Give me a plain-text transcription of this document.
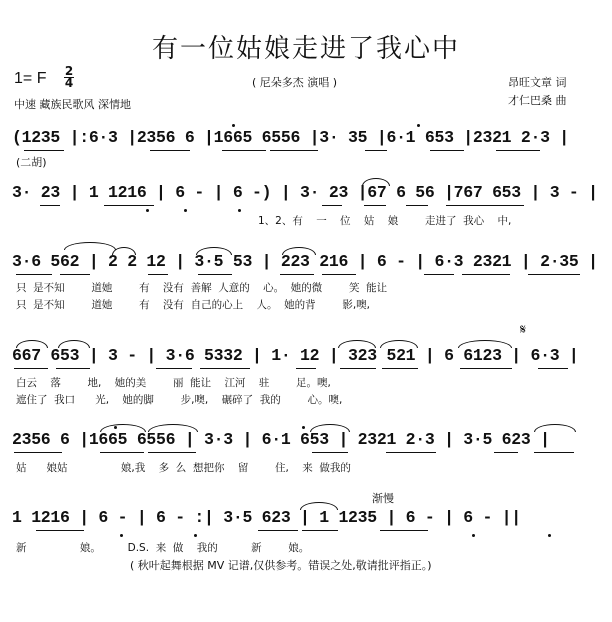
有一位姑娘走进了我心中
1= F 2
4
中速 藏族民歌风 深情地
( 尼朵多杰 演唱 )	昂旺文章 词
才仁巴桑 曲
(1235 |:6·3 |2356 6 |1665 6556 |3· 35 |6·1 653 |2321 2·3 |
(二胡)
3· 23 | 1 1216 | 6 - | 6 -) | 3· 23 |67 6 56 |767 653 | 3 - |
1、2、有    一    位    姑    娘        走进了  我心    中,
3·6 562 | 2 2 12 | 3·5 53 | 223 216 | 6 - | 6·3 2321 | 2·35 |
只  是不知        道她        有    没有  善解  人意的    心。  她的微        笑  能让
只  是不知        道她        有    没有  自己的心上    人。  她的背        影,噢,
𝄋
667 653 | 3 - | 3·6 5332 | 1· 12 | 323 521 | 6 6123 | 6·3 |
白云    落        地,    她的美        丽  能让    江河    驻        足。噢,
遮住了  我口      光,    她的脚        步,噢,    碾碎了  我的        心。噢,
2356 6 |1665 6556 | 3·3 | 6·1 653 | 2321 2·3 | 3·5 623 |
姑      娘姑                娘,我    多  么  想把你    留        住,    来  做我的
渐慢
1 1216 | 6 - | 6 - :| 3·5 623 | 1 1235 | 6 - | 6 - ||
新                娘。        D.S.  来  做    我的          新        娘。
( 秋叶起舞根据 MV 记谱,仅供参考。错误之处,敬请批评指正。)
